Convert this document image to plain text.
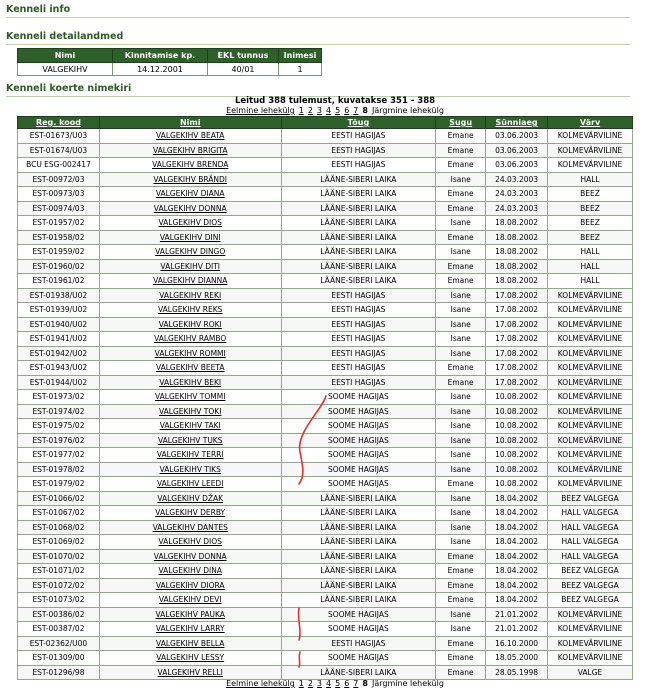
Kenneli info
Kenneli detailandmed
Nimi	Kinnitamise kp.	EKL tunnus	Inimesi
VALGEKIHV	14.12.2001	40/01	1
Kenneli koerte nimekiri
Leitud 388 tulemust, kuvatakse 351 - 388
Eelmine lehekülg 1 2 3 4 5 6 7 8 Järgmine lehekülg
Reg. kood	Nimi	Tõug	Sugu	Sünniaeg	Värv
EST-01673/U03	VALGEKIHV BEATA	EESTI HAGIJAS	Emane	03.06.2003	KOLMEVÄRVILINE
EST-01674/U03	VALGEKIHV BRIGITA	EESTI HAGIJAS	Emane	03.06.2003	KOLMEVÄRVILINE
BCU ESG-002417	VALGEKIHV BRENDA	EESTI HAGIJAS	Emane	03.06.2003	KOLMEVÄRVILINE
EST-00972/03	VALGEKIHV BRÄNDI	LÄÄNE-SIBERI LAIKA	Isane	24.03.2003	HALL
EST-00973/03	VALGEKIHV DIANA	LÄÄNE-SIBERI LAIKA	Emane	24.03.2003	BEEZ
EST-00974/03	VALGEKIHV DONNA	LÄÄNE-SIBERI LAIKA	Emane	24.03.2003	BEEZ
EST-01957/02	VALGEKIHV DIOS	LÄÄNE-SIBERI LAIKA	Isane	18.08.2002	BEEZ
EST-01958/02	VALGEKIHV DINI	LÄÄNE-SIBERI LAIKA	Emane	18.08.2002	BEEZ
EST-01959/02	VALGEKIHV DINGO	LÄÄNE-SIBERI LAIKA	Isane	18.08.2002	HALL
EST-01960/02	VALGEKIHV DITI	LÄÄNE-SIBERI LAIKA	Emane	18.08.2002	HALL
EST-01961/02	VALGEKIHV DIANNA	LÄÄNE-SIBERI LAIKA	Emane	18.08.2002	HALL
EST-01938/U02	VALGEKIHV REKI	EESTI HAGIJAS	Isane	17.08.2002	KOLMEVÄRVILINE
EST-01939/U02	VALGEKIHV REKS	EESTI HAGIJAS	Isane	17.08.2002	KOLMEVÄRVILINE
EST-01940/U02	VALGEKIHV ROKI	EESTI HAGIJAS	Isane	17.08.2002	KOLMEVÄRVILINE
EST-01941/U02	VALGEKIHV RAMBO	EESTI HAGIJAS	Isane	17.08.2002	KOLMEVÄRVILINE
EST-01942/U02	VALGEKIHV ROMMI	EESTI HAGIJAS	Isane	17.08.2002	KOLMEVÄRVILINE
EST-01943/U02	VALGEKIHV BEETA	EESTI HAGIJAS	Emane	17.08.2002	KOLMEVÄRVILINE
EST-01944/U02	VALGEKIHV BEKI	EESTI HAGIJAS	Emane	17.08.2002	KOLMEVÄRVILINE
EST-01973/02	VALGEKIHV TOMMI	SOOME HAGIJAS	Isane	10.08.2002	KOLMEVÄRVILINE
EST-01974/02	VALGEKIHV TOKI	SOOME HAGIJAS	Isane	10.08.2002	KOLMEVÄRVILINE
EST-01975/02	VALGEKIHV TAKI	SOOME HAGIJAS	Isane	10.08.2002	KOLMEVÄRVILINE
EST-01976/02	VALGEKIHV TUKS	SOOME HAGIJAS	Isane	10.08.2002	KOLMEVÄRVILINE
EST-01977/02	VALGEKIHV TERRI	SOOME HAGIJAS	Isane	10.08.2002	KOLMEVÄRVILINE
EST-01978/02	VALGEKIHV TIKS	SOOME HAGIJAS	Isane	10.08.2002	KOLMEVÄRVILINE
EST-01979/02	VALGEKIHV LEEDI	SOOME HAGIJAS	Emane	10.08.2002	KOLMEVÄRVILINE
EST-01066/02	VALGEKIHV DŽAK	LÄÄNE-SIBERI LAIKA	Isane	18.04.2002	BEEZ VALGEGA
EST-01067/02	VALGEKIHV DERBY	LÄÄNE-SIBERI LAIKA	Isane	18.04.2002	HALL VALGEGA
EST-01068/02	VALGEKIHV DANTES	LÄÄNE-SIBERI LAIKA	Isane	18.04.2002	HALL VALGEGA
EST-01069/02	VALGEKIHV DIOS	LÄÄNE-SIBERI LAIKA	Isane	18.04.2002	HALL VALGEGA
EST-01070/02	VALGEKIHV DONNA	LÄÄNE-SIBERI LAIKA	Emane	18.04.2002	HALL VALGEGA
EST-01071/02	VALGEKIHV DINA	LÄÄNE-SIBERI LAIKA	Emane	18.04.2002	BEEZ VALGEGA
EST-01072/02	VALGEKIHV DIORA	LÄÄNE-SIBERI LAIKA	Emane	18.04.2002	BEEZ VALGEGA
EST-01073/02	VALGEKIHV DEVI	LÄÄNE-SIBERI LAIKA	Emane	18.04.2002	BEEZ VALGEGA
EST-00386/02	VALGEKIHV PAUKA	SOOME HAGIJAS	Isane	21.01.2002	KOLMEVÄRVILINE
EST-00387/02	VALGEKIHV LARRY	SOOME HAGIJAS	Isane	21.01.2002	KOLMEVÄRVILINE
EST-02362/U00	VALGEKIHV BELLA	EESTI HAGIJAS	Emane	16.10.2000	KOLMEVÄRVILINE
EST-01309/00	VALGEKIHV LESSY	SOOME HAGIJAS	Emane	18.05.2000	KOLMEVÄRVILINE
EST-01296/98	VALGEKIHV RELLI	LÄÄNE-SIBERI LAIKA	Emane	28.05.1998	VALGE
Eelmine lehekülg 1 2 3 4 5 6 7 8 Järgmine lehekülg
